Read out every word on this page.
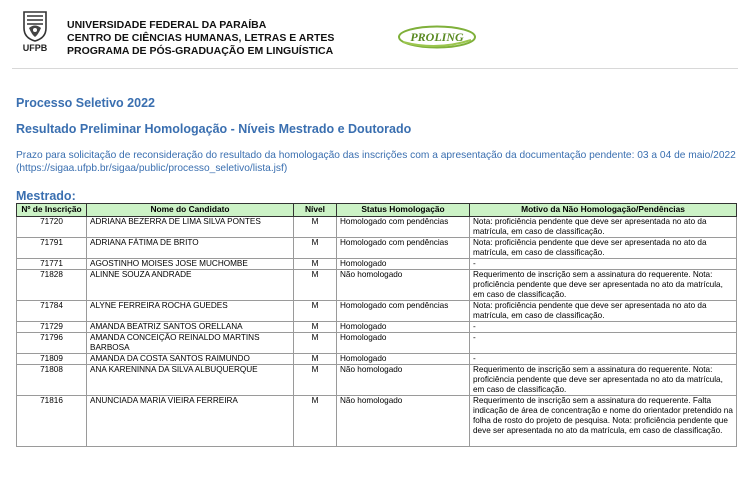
UFPB
UNIVERSIDADE FEDERAL DA PARAÍBA
CENTRO DE CIÊNCIAS HUMANAS, LETRAS E ARTES
PROGRAMA DE PÓS-GRADUAÇÃO EM LINGUÍSTICA
PROLING
Processo Seletivo 2022
Resultado Preliminar Homologação - Níveis Mestrado e Doutorado
Prazo para solicitação de reconsideração do resultado da homologação das inscrições com a apresentação da documentação pendente: 03 a 04 de maio/2022 (https://sigaa.ufpb.br/sigaa/public/processo_seletivo/lista.jsf)
Mestrado:
Nº de Inscrição	Nome do Candidato	Nível	Status Homologação	Motivo da Não Homologação/Pendências
71720	ADRIANA BEZERRA DE LIMA SILVA PONTES	M	Homologado com pendências	Nota: proficiência pendente que deve ser apresentada no ato da matrícula, em caso de classificação.
71791	ADRIANA FÁTIMA DE BRITO	M	Homologado com pendências	Nota: proficiência pendente que deve ser apresentada no ato da matrícula, em caso de classificação.
71771	AGOSTINHO MOISES JOSE MUCHOMBE	M	Homologado	-
71828	ALINNE SOUZA ANDRADE	M	Não homologado	Requerimento de inscrição sem a assinatura do requerente. Nota: proficiência pendente que deve ser apresentada no ato da matrícula, em caso de classificação.
71784	ALYNE FERREIRA ROCHA GUEDES	M	Homologado com pendências	Nota: proficiência pendente que deve ser apresentada no ato da matrícula, em caso de classificação.
71729	AMANDA BEATRIZ SANTOS ORELLANA	M	Homologado	-
71796	AMANDA CONCEIÇÃO REINALDO MARTINS BARBOSA	M	Homologado	-
71809	AMANDA DA COSTA SANTOS RAIMUNDO	M	Homologado	-
71808	ANA KARENINNA DA SILVA ALBUQUERQUE	M	Não homologado	Requerimento de inscrição sem a assinatura do requerente. Nota: proficiência pendente que deve ser apresentada no ato da matrícula, em caso de classificação.
71816	ANUNCIADA MARIA VIEIRA FERREIRA	M	Não homologado	Requerimento de inscrição sem a assinatura do requerente. Falta indicação de área de concentração e nome do orientador pretendido na folha de rosto do projeto de pesquisa. Nota: proficiência pendente que deve ser apresentada no ato da matrícula, em caso de classificação.
